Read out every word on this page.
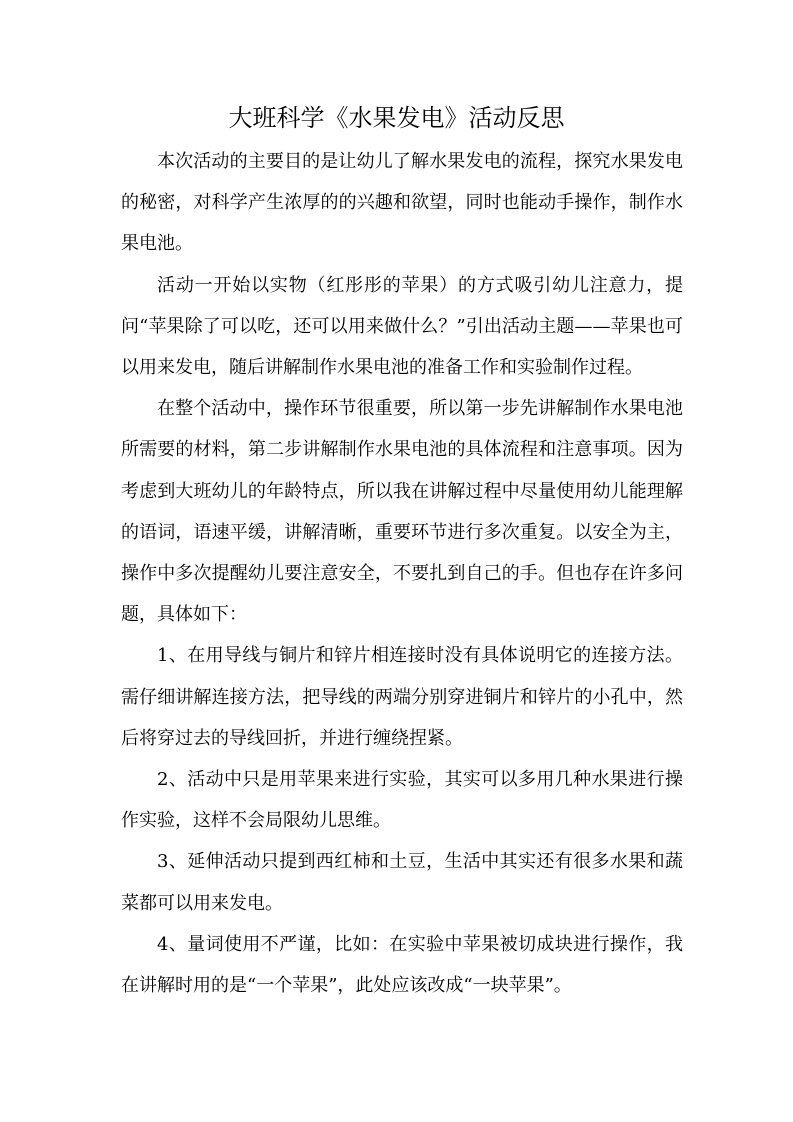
大班科学《水果发电》活动反思

本次活动的主要目的是让幼儿了解水果发电的流程，探究水果发电的秘密，对科学产生浓厚的的兴趣和欲望，同时也能动手操作，制作水果电池。

活动一开始以实物（红彤彤的苹果）的方式吸引幼儿注意力，提问“苹果除了可以吃，还可以用来做什么？”引出活动主题——苹果也可以用来发电，随后讲解制作水果电池的准备工作和实验制作过程。

在整个活动中，操作环节很重要，所以第一步先讲解制作水果电池所需要的材料，第二步讲解制作水果电池的具体流程和注意事项。因为考虑到大班幼儿的年龄特点，所以我在讲解过程中尽量使用幼儿能理解的语词，语速平缓，讲解清晰，重要环节进行多次重复。以安全为主，操作中多次提醒幼儿要注意安全，不要扎到自己的手。但也存在许多问题，具体如下：

1、在用导线与铜片和锌片相连接时没有具体说明它的连接方法。需仔细讲解连接方法，把导线的两端分别穿进铜片和锌片的小孔中，然后将穿过去的导线回折，并进行缠绕捏紧。

2、活动中只是用苹果来进行实验，其实可以多用几种水果进行操作实验，这样不会局限幼儿思维。

3、延伸活动只提到西红柿和土豆，生活中其实还有很多水果和蔬菜都可以用来发电。

4、量词使用不严谨，比如：在实验中苹果被切成块进行操作，我在讲解时用的是“一个苹果”，此处应该改成“一块苹果”。
